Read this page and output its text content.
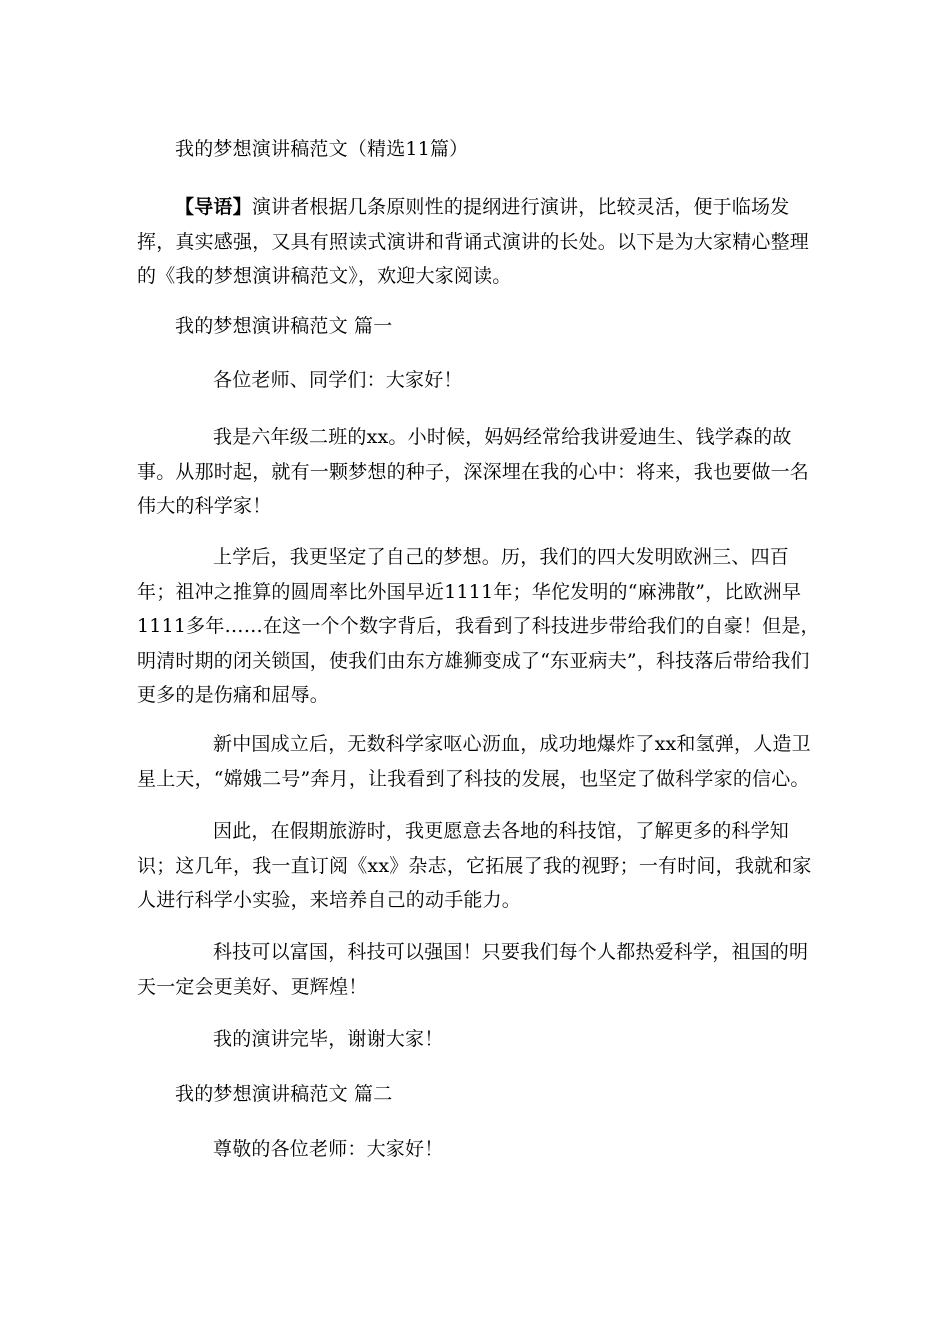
我的梦想演讲稿范文（精选11篇）

【导语】演讲者根据几条原则性的提纲进行演讲，比较灵活，便于临场发挥，真实感强，又具有照读式演讲和背诵式演讲的长处。以下是为大家精心整理的《我的梦想演讲稿范文》，欢迎大家阅读。

我的梦想演讲稿范文 篇一
各位老师、同学们：大家好！

我是六年级二班的xx。小时候，妈妈经常给我讲爱迪生、钱学森的故事。从那时起，就有一颗梦想的种子，深深埋在我的心中：将来，我也要做一名伟大的科学家！

上学后，我更坚定了自己的梦想。历，我们的四大发明欧洲三、四百年；祖冲之推算的圆周率比外国早近1111年；华佗发明的“麻沸散”，比欧洲早1111多年……在这一个个数字背后，我看到了科技进步带给我们的自豪！但是，明清时期的闭关锁国，使我们由东方雄狮变成了“东亚病夫”，科技落后带给我们更多的是伤痛和屈辱。

新中国成立后，无数科学家呕心沥血，成功地爆炸了xx和氢弹，人造卫星上天，“嫦娥二号”奔月，让我看到了科技的发展，也坚定了做科学家的信心。

因此，在假期旅游时，我更愿意去各地的科技馆，了解更多的科学知识；这几年，我一直订阅《xx》杂志，它拓展了我的视野；一有时间，我就和家人进行科学小实验，来培养自己的动手能力。

科技可以富国，科技可以强国！只要我们每个人都热爱科学，祖国的明天一定会更美好、更辉煌！

我的演讲完毕，谢谢大家！
我的梦想演讲稿范文 篇二
尊敬的各位老师：大家好！
